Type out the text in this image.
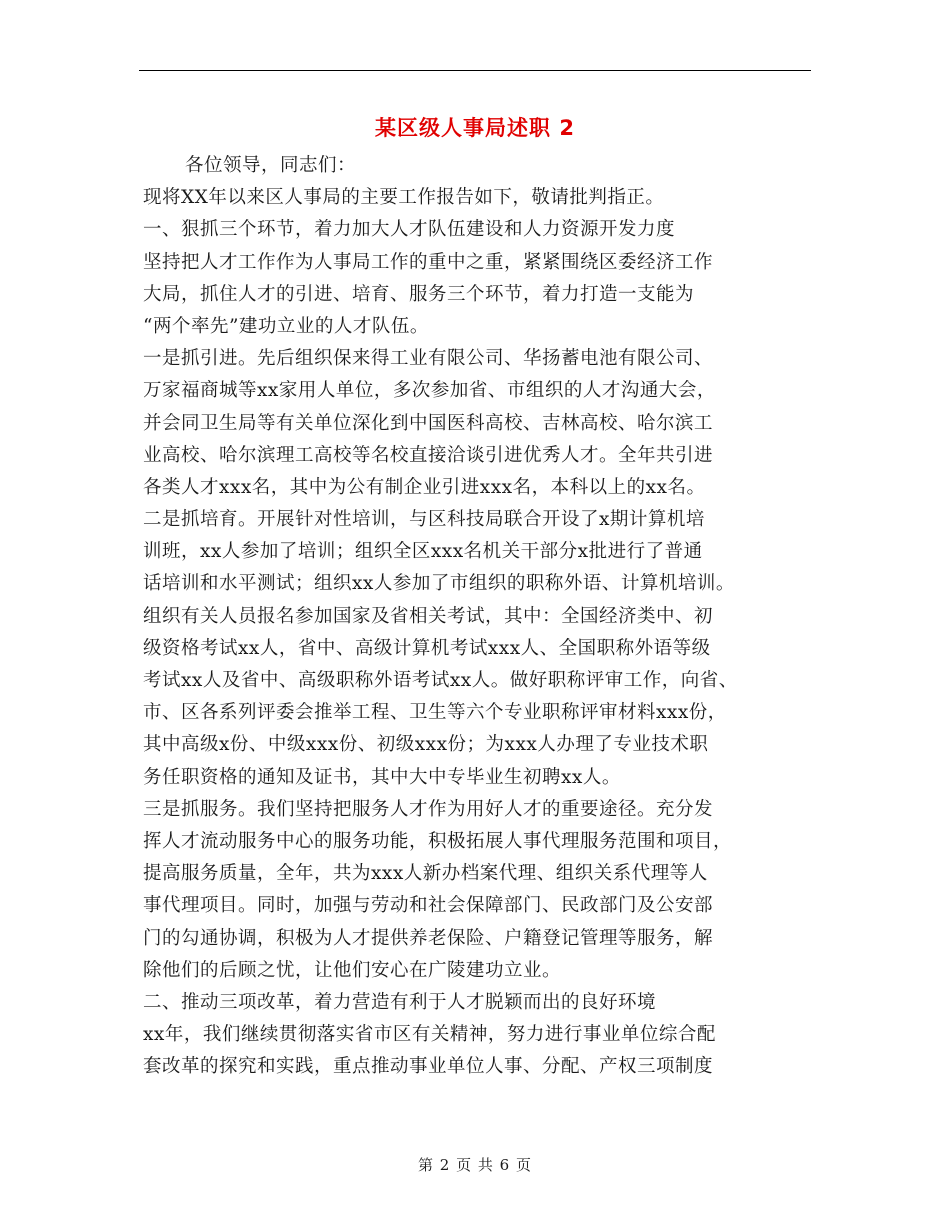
某区级人事局述职 2
各位领导，同志们：
现将XX年以来区人事局的主要工作报告如下，敬请批判指正。
一、狠抓三个环节，着力加大人才队伍建设和人力资源开发力度
坚持把人才工作作为人事局工作的重中之重，紧紧围绕区委经济工作
大局，抓住人才的引进、培育、服务三个环节，着力打造一支能为
“两个率先”建功立业的人才队伍。
一是抓引进。先后组织保来得工业有限公司、华扬蓄电池有限公司、
万家福商城等xx家用人单位，多次参加省、市组织的人才沟通大会，
并会同卫生局等有关单位深化到中国医科高校、吉林高校、哈尔滨工
业高校、哈尔滨理工高校等名校直接洽谈引进优秀人才。全年共引进
各类人才xxx名，其中为公有制企业引进xxx名，本科以上的xx名。
二是抓培育。开展针对性培训，与区科技局联合开设了x期计算机培
训班，xx人参加了培训；组织全区xxx名机关干部分x批进行了普通
话培训和水平测试；组织xx人参加了市组织的职称外语、计算机培训。
组织有关人员报名参加国家及省相关考试，其中：全国经济类中、初
级资格考试xx人，省中、高级计算机考试xxx人、全国职称外语等级
考试xx人及省中、高级职称外语考试xx人。做好职称评审工作，向省、
市、区各系列评委会推举工程、卫生等六个专业职称评审材料xxx份，
其中高级x份、中级xxx份、初级xxx份；为xxx人办理了专业技术职
务任职资格的通知及证书，其中大中专毕业生初聘xx人。
三是抓服务。我们坚持把服务人才作为用好人才的重要途径。充分发
挥人才流动服务中心的服务功能，积极拓展人事代理服务范围和项目，
提高服务质量，全年，共为xxx人新办档案代理、组织关系代理等人
事代理项目。同时，加强与劳动和社会保障部门、民政部门及公安部
门的勾通协调，积极为人才提供养老保险、户籍登记管理等服务，解
除他们的后顾之忧，让他们安心在广陵建功立业。
二、推动三项改革，着力营造有利于人才脱颖而出的良好环境
xx年，我们继续贯彻落实省市区有关精神，努力进行事业单位综合配
套改革的探究和实践，重点推动事业单位人事、分配、产权三项制度
第 2 页 共 6 页
